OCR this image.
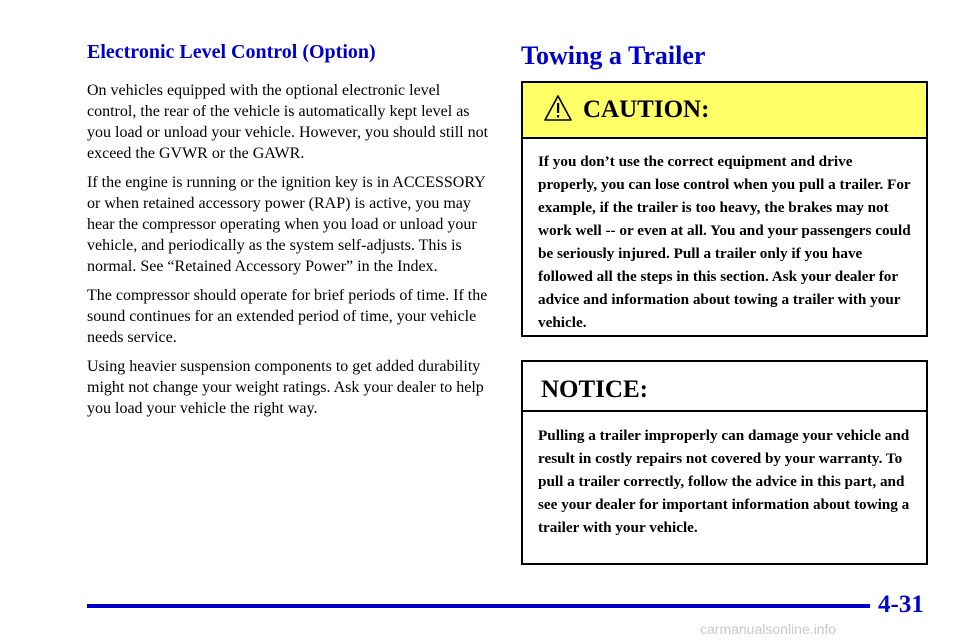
Electronic Level Control (Option)

On vehicles equipped with the optional electronic level control, the rear of the vehicle is automatically kept level as you load or unload your vehicle. However, you should still not exceed the GVWR or the GAWR.

If the engine is running or the ignition key is in ACCESSORY or when retained accessory power (RAP) is active, you may hear the compressor operating when you load or unload your vehicle, and periodically as the system self-adjusts. This is normal. See “Retained Accessory Power” in the Index.

The compressor should operate for brief periods of time. If the sound continues for an extended period of time, your vehicle needs service.

Using heavier suspension components to get added durability might not change your weight ratings. Ask your dealer to help you load your vehicle the right way.

Towing a Trailer
CAUTION:
If you don’t use the correct equipment and drive properly, you can lose control when you pull a trailer. For example, if the trailer is too heavy, the brakes may not work well -- or even at all. You and your passengers could be seriously injured. Pull a trailer only if you have followed all the steps in this section. Ask your dealer for advice and information about towing a trailer with your vehicle.
NOTICE:
Pulling a trailer improperly can damage your vehicle and result in costly repairs not covered by your warranty. To pull a trailer correctly, follow the advice in this part, and see your dealer for important information about towing a trailer with your vehicle.
4-31
carmanualsonline.info
